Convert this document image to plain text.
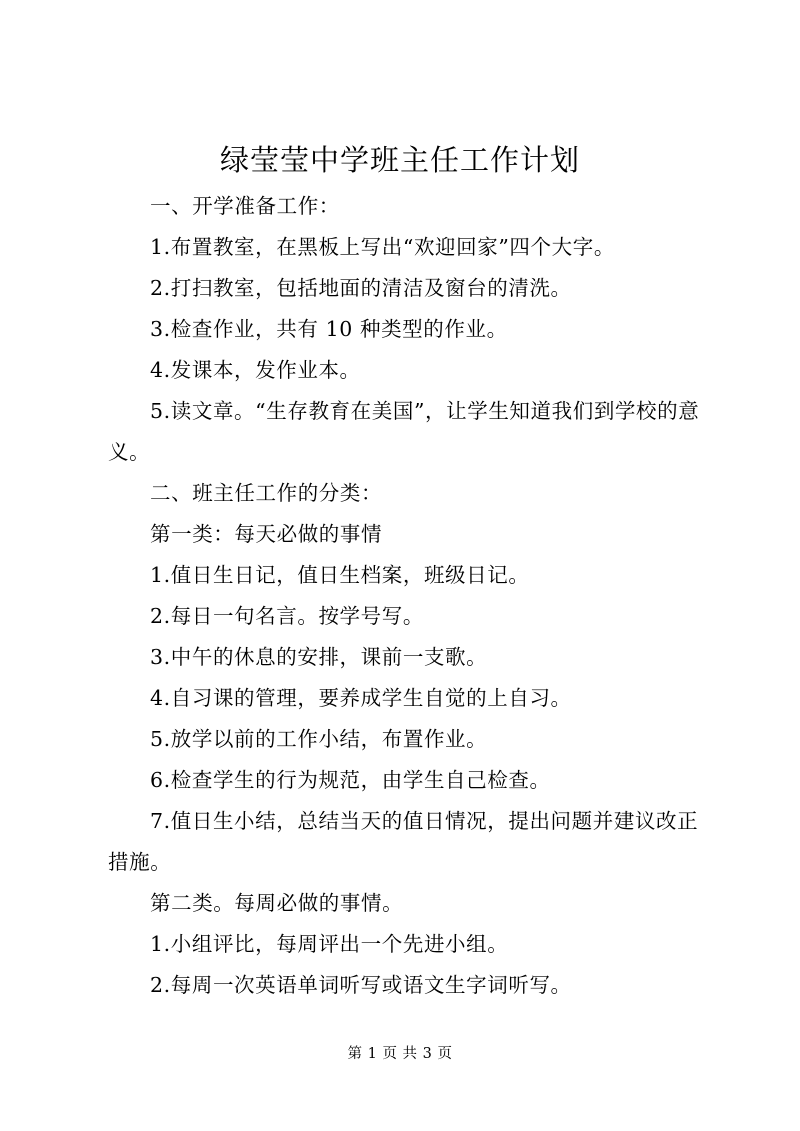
绿莹莹中学班主任工作计划

一、开学准备工作：

1.布置教室，在黑板上写出“欢迎回家”四个大字。

2.打扫教室，包括地面的清洁及窗台的清洗。

3.检查作业，共有 10 种类型的作业。

4.发课本，发作业本。

5.读文章。“生存教育在美国”，让学生知道我们到学校的意义。

二、班主任工作的分类：

第一类：每天必做的事情

1.值日生日记，值日生档案，班级日记。

2.每日一句名言。按学号写。

3.中午的休息的安排，课前一支歌。

4.自习课的管理，要养成学生自觉的上自习。

5.放学以前的工作小结，布置作业。

6.检查学生的行为规范，由学生自己检查。

7.值日生小结，总结当天的值日情况，提出问题并建议改正措施。

第二类。每周必做的事情。

1.小组评比，每周评出一个先进小组。

2.每周一次英语单词听写或语文生字词听写。

第 1 页 共 3 页
